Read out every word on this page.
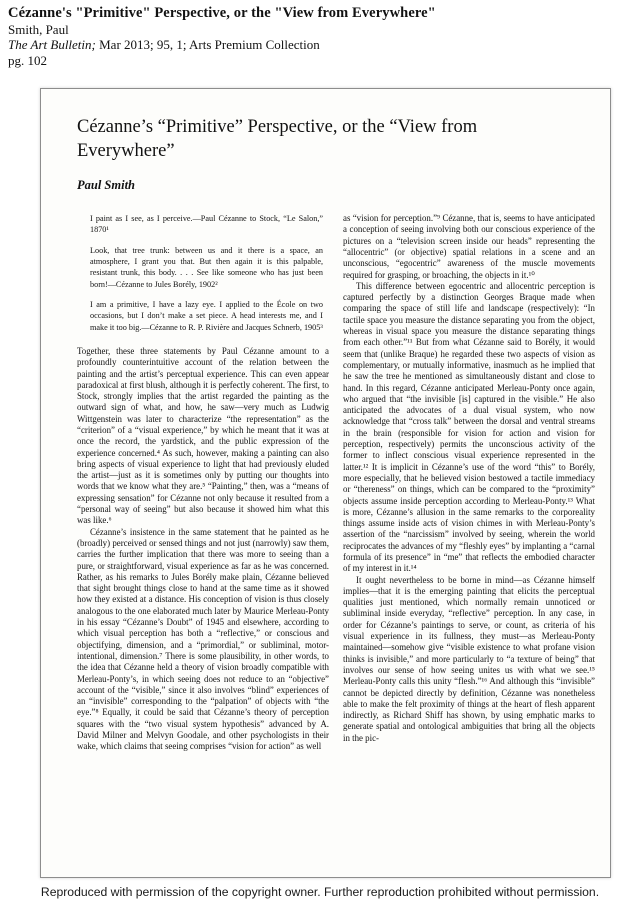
Cézanne's "Primitive" Perspective, or the "View from Everywhere"
Smith, Paul
The Art Bulletin; Mar 2013; 95, 1; Arts Premium Collection
pg. 102
Cézanne’s “Primitive” Perspective, or the “View from Everywhere”
Paul Smith

I paint as I see, as I perceive.—Paul Cézanne to Stock, “Le Salon,” 1870¹

Look, that tree trunk: between us and it there is a space, an atmosphere, I grant you that. But then again it is this palpable, resistant trunk, this body. . . . See like someone who has just been born!—Cézanne to Jules Borély, 1902²

I am a primitive, I have a lazy eye. I applied to the École on two occasions, but I don’t make a set piece. A head interests me, and I make it too big.—Cézanne to R. P. Rivière and Jacques Schnerb, 1905³

Together, these three statements by Paul Cézanne amount to a profoundly counterintuitive account of the relation between the painting and the artist’s perceptual experience. This can even appear paradoxical at first blush, although it is perfectly coherent. The first, to Stock, strongly implies that the artist regarded the painting as the outward sign of what, and how, he saw—very much as Ludwig Wittgenstein was later to characterize “the representation” as the “criterion” of a “visual experience,” by which he meant that it was at once the record, the yardstick, and the public expression of the experience concerned.⁴ As such, however, making a painting can also bring aspects of visual experience to light that had previously eluded the artist—just as it is sometimes only by putting our thoughts into words that we know what they are.⁵ “Painting,” then, was a “means of expressing sensation” for Cézanne not only because it resulted from a “personal way of seeing” but also because it showed him what this was like.⁶

Cézanne’s insistence in the same statement that he painted as he (broadly) perceived or sensed things and not just (narrowly) saw them, carries the further implication that there was more to seeing than a pure, or straightforward, visual experience as far as he was concerned. Rather, as his remarks to Jules Borély make plain, Cézanne believed that sight brought things close to hand at the same time as it showed how they existed at a distance. His conception of vision is thus closely analogous to the one elaborated much later by Maurice Merleau-Ponty in his essay “Cézanne’s Doubt” of 1945 and elsewhere, according to which visual perception has both a “reflective,” or conscious and objectifying, dimension, and a “primordial,” or subliminal, motor-intentional, dimension.⁷ There is some plausibility, in other words, to the idea that Cézanne held a theory of vision broadly compatible with Merleau-Ponty’s, in which seeing does not reduce to an “objective” account of the “visible,” since it also involves “blind” experiences of an “invisible” corresponding to the “palpation” of objects with “the eye.”⁸ Equally, it could be said that Cézanne’s theory of perception squares with the “two visual system hypothesis” advanced by A. David Milner and Melvyn Goodale, and other psychologists in their wake, which claims that seeing comprises “vision for action” as well

as “vision for perception.”⁹ Cézanne, that is, seems to have anticipated a conception of seeing involving both our conscious experience of the pictures on a “television screen inside our heads” representing the “allocentric” (or objective) spatial relations in a scene and an unconscious, “egocentric” awareness of the muscle movements required for grasping, or broaching, the objects in it.¹⁰

This difference between egocentric and allocentric perception is captured perfectly by a distinction Georges Braque made when comparing the space of still life and landscape (respectively): “In tactile space you measure the distance separating you from the object, whereas in visual space you measure the distance separating things from each other.”¹¹ But from what Cézanne said to Borély, it would seem that (unlike Braque) he regarded these two aspects of vision as complementary, or mutually informative, inasmuch as he implied that he saw the tree he mentioned as simultaneously distant and close to hand. In this regard, Cézanne anticipated Merleau-Ponty once again, who argued that “the invisible [is] captured in the visible.” He also anticipated the advocates of a dual visual system, who now acknowledge that “cross talk” between the dorsal and ventral streams in the brain (responsible for vision for action and vision for perception, respectively) permits the unconscious activity of the former to inflect conscious visual experience represented in the latter.¹² It is implicit in Cézanne’s use of the word “this” to Borély, more especially, that he believed vision bestowed a tactile immediacy or “thereness” on things, which can be compared to the “proximity” objects assume inside perception according to Merleau-Ponty.¹³ What is more, Cézanne’s allusion in the same remarks to the corporeality things assume inside acts of vision chimes in with Merleau-Ponty’s assertion of the “narcissism” involved by seeing, wherein the world reciprocates the advances of my “fleshly eyes” by implanting a “carnal formula of its presence” in “me” that reflects the embodied character of my interest in it.¹⁴

It ought nevertheless to be borne in mind—as Cézanne himself implies—that it is the emerging painting that elicits the perceptual qualities just mentioned, which normally remain unnoticed or subliminal inside everyday, “reflective” perception. In any case, in order for Cézanne’s paintings to serve, or count, as criteria of his visual experience in its fullness, they must—as Merleau-Ponty maintained—somehow give “visible existence to what profane vision thinks is invisible,” and more particularly to “a texture of being” that involves our sense of how seeing unites us with what we see.¹⁵ Merleau-Ponty calls this unity “flesh.”¹⁶ And although this “invisible” cannot be depicted directly by definition, Cézanne was nonetheless able to make the felt proximity of things at the heart of flesh apparent indirectly, as Richard Shiff has shown, by using emphatic marks to generate spatial and ontological ambiguities that bring all the objects in the pic-

Reproduced with permission of the copyright owner. Further reproduction prohibited without permission.
